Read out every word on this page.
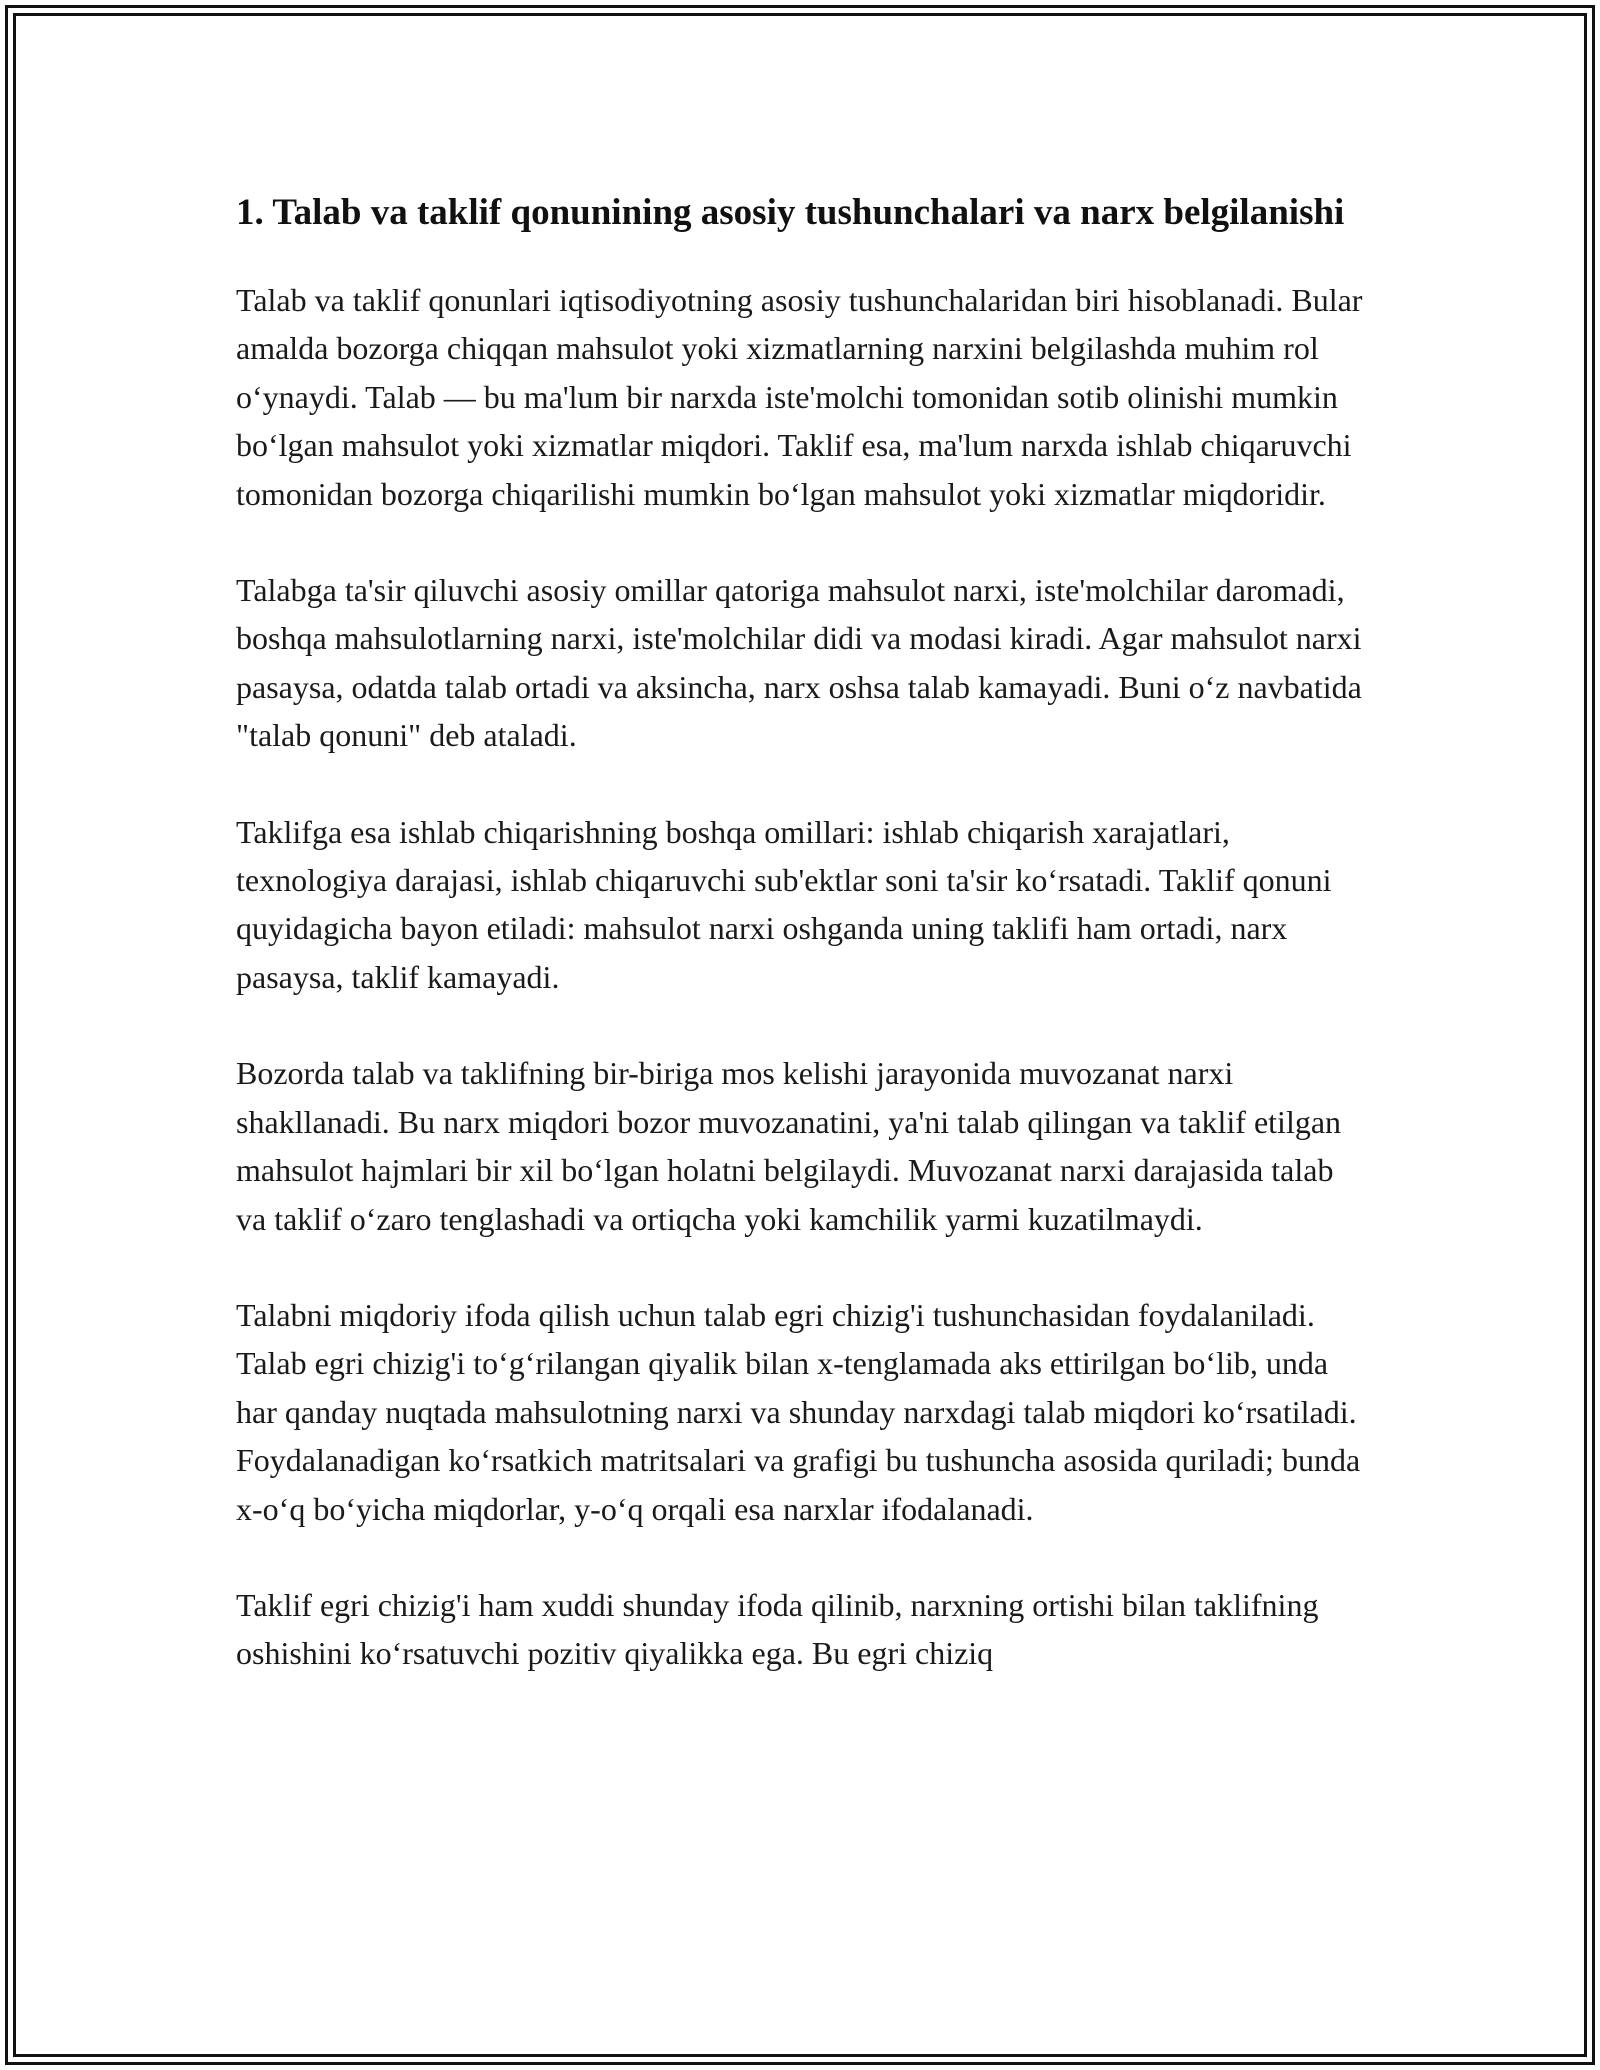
1. Talab va taklif qonunining asosiy tushunchalari va narx belgilanishi

Talab va taklif qonunlari iqtisodiyotning asosiy tushunchalaridan biri hisoblanadi. Bular amalda bozorga chiqqan mahsulot yoki xizmatlarning narxini belgilashda muhim rol o‘ynaydi. Talab — bu ma'lum bir narxda iste'molchi tomonidan sotib olinishi mumkin bo‘lgan mahsulot yoki xizmatlar miqdori. Taklif esa, ma'lum narxda ishlab chiqaruvchi tomonidan bozorga chiqarilishi mumkin bo‘lgan mahsulot yoki xizmatlar miqdoridir.

Talabga ta'sir qiluvchi asosiy omillar qatoriga mahsulot narxi, iste'molchilar daromadi, boshqa mahsulotlarning narxi, iste'molchilar didi va modasi kiradi. Agar mahsulot narxi pasaysa, odatda talab ortadi va aksincha, narx oshsa talab kamayadi. Buni o‘z navbatida "talab qonuni" deb ataladi.

Taklifga esa ishlab chiqarishning boshqa omillari: ishlab chiqarish xarajatlari, texnologiya darajasi, ishlab chiqaruvchi sub'ektlar soni ta'sir ko‘rsatadi. Taklif qonuni quyidagicha bayon etiladi: mahsulot narxi oshganda uning taklifi ham ortadi, narx pasaysa, taklif kamayadi.

Bozorda talab va taklifning bir-biriga mos kelishi jarayonida muvozanat narxi shakllanadi. Bu narx miqdori bozor muvozanatini, ya'ni talab qilingan va taklif etilgan mahsulot hajmlari bir xil bo‘lgan holatni belgilaydi. Muvozanat narxi darajasida talab va taklif o‘zaro tenglashadi va ortiqcha yoki kamchilik yarmi kuzatilmaydi.

Talabni miqdoriy ifoda qilish uchun talab egri chizig'i tushunchasidan foydalaniladi. Talab egri chizig'i to‘g‘rilangan qiyalik bilan x-tenglamada aks ettirilgan bo‘lib, unda har qanday nuqtada mahsulotning narxi va shunday narxdagi talab miqdori ko‘rsatiladi. Foydalanadigan ko‘rsatkich matritsalari va grafigi bu tushuncha asosida quriladi; bunda x-o‘q bo‘yicha miqdorlar, y-o‘q orqali esa narxlar ifodalanadi.

Taklif egri chizig'i ham xuddi shunday ifoda qilinib, narxning ortishi bilan taklifning oshishini ko‘rsatuvchi pozitiv qiyalikka ega. Bu egri chiziq
